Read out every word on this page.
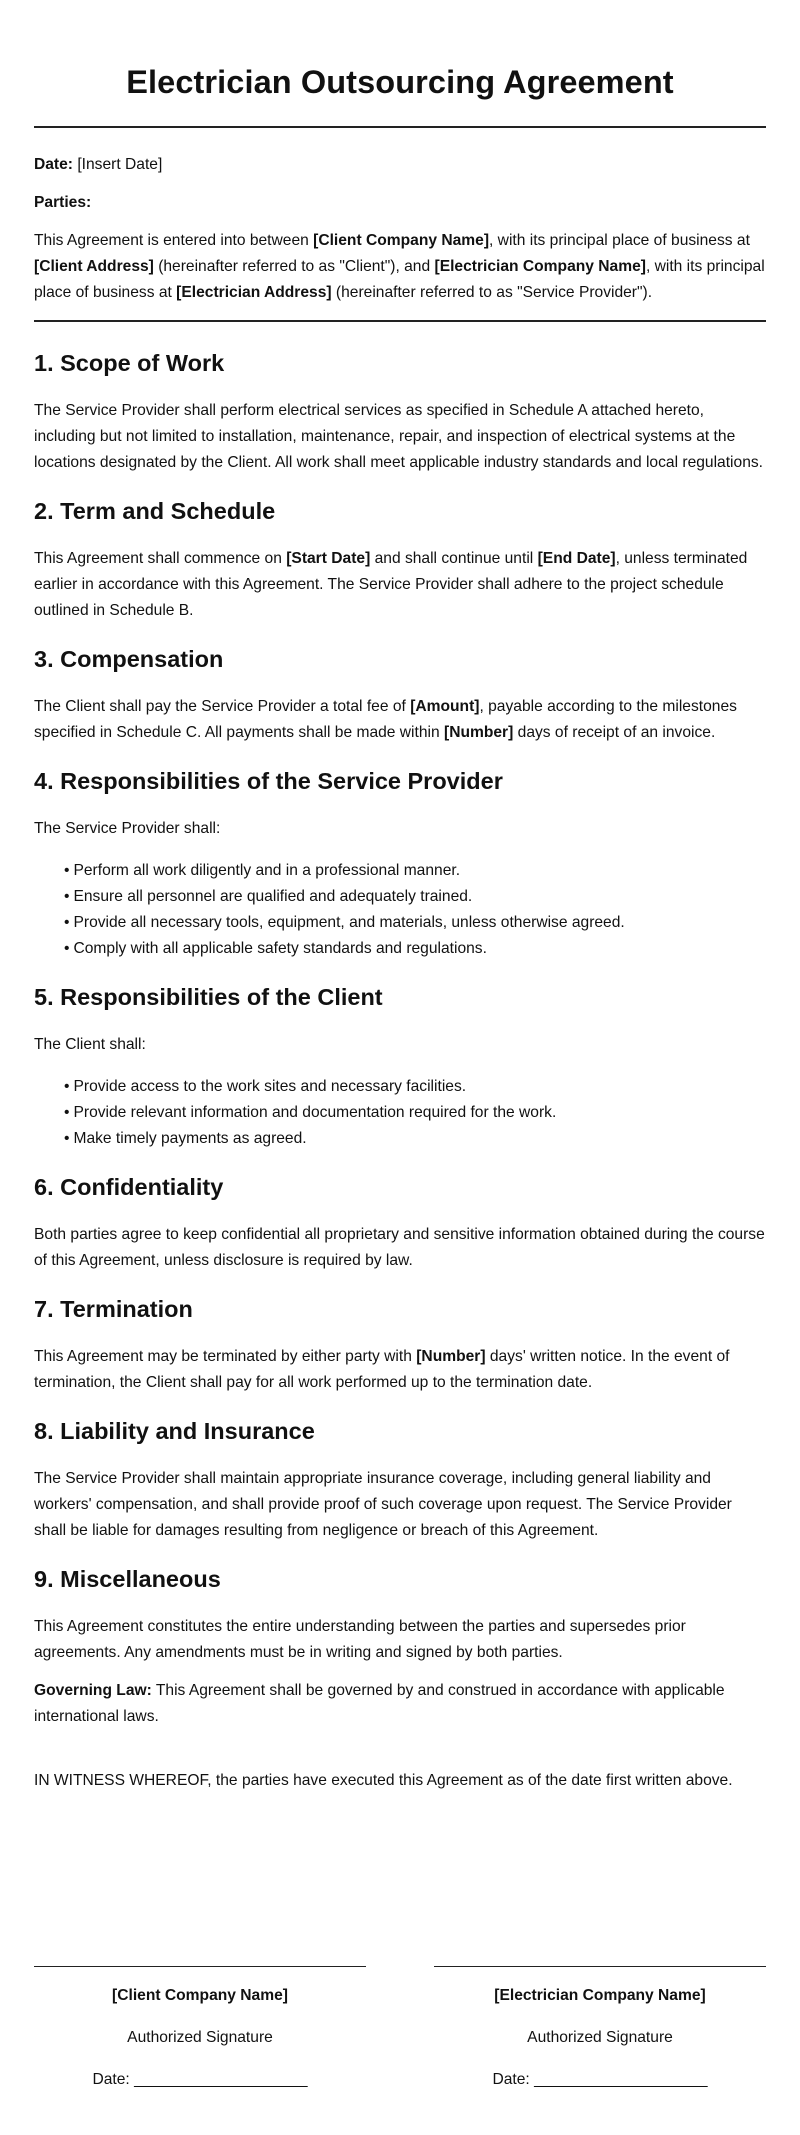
Electrician Outsourcing Agreement

Date: [Insert Date]

Parties:

This Agreement is entered into between [Client Company Name], with its principal place of business at [Client Address] (hereinafter referred to as "Client"), and [Electrician Company Name], with its principal place of business at [Electrician Address] (hereinafter referred to as "Service Provider").

1. Scope of Work

The Service Provider shall perform electrical services as specified in Schedule A attached hereto, including but not limited to installation, maintenance, repair, and inspection of electrical systems at the locations designated by the Client. All work shall meet applicable industry standards and local regulations.

2. Term and Schedule

This Agreement shall commence on [Start Date] and shall continue until [End Date], unless terminated earlier in accordance with this Agreement. The Service Provider shall adhere to the project schedule outlined in Schedule B.

3. Compensation

The Client shall pay the Service Provider a total fee of [Amount], payable according to the milestones specified in Schedule C. All payments shall be made within [Number] days of receipt of an invoice.

4. Responsibilities of the Service Provider

The Service Provider shall:

• Perform all work diligently and in a professional manner.
• Ensure all personnel are qualified and adequately trained.
• Provide all necessary tools, equipment, and materials, unless otherwise agreed.
• Comply with all applicable safety standards and regulations.
5. Responsibilities of the Client

The Client shall:

• Provide access to the work sites and necessary facilities.
• Provide relevant information and documentation required for the work.
• Make timely payments as agreed.
6. Confidentiality

Both parties agree to keep confidential all proprietary and sensitive information obtained during the course of this Agreement, unless disclosure is required by law.

7. Termination

This Agreement may be terminated by either party with [Number] days' written notice. In the event of termination, the Client shall pay for all work performed up to the termination date.

8. Liability and Insurance

The Service Provider shall maintain appropriate insurance coverage, including general liability and workers' compensation, and shall provide proof of such coverage upon request. The Service Provider shall be liable for damages resulting from negligence or breach of this Agreement.

9. Miscellaneous

This Agreement constitutes the entire understanding between the parties and supersedes prior agreements. Any amendments must be in writing and signed by both parties.

Governing Law: This Agreement shall be governed by and construed in accordance with applicable international laws.

IN WITNESS WHEREOF, the parties have executed this Agreement as of the date first written above.

[Client Company Name]
Authorized Signature
Date: ____________________
[Electrician Company Name]
Authorized Signature
Date: ____________________
